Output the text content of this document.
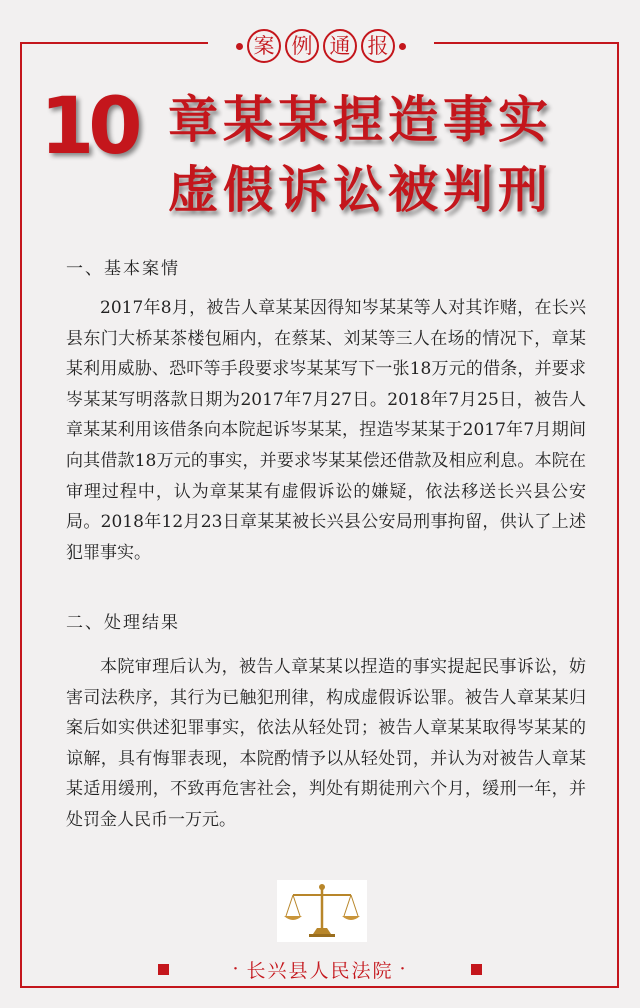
案 例 通 报
10 章某某捏造事实
虚假诉讼被判刑
一、基本案情

2017年8月，被告人章某某因得知岑某某等人对其诈赌，在长兴县东门大桥某茶楼包厢内，在蔡某、刘某等三人在场的情况下，章某某利用威胁、恐吓等手段要求岑某某写下一张18万元的借条，并要求岑某某写明落款日期为2017年7月27日。2018年7月25日，被告人章某某利用该借条向本院起诉岑某某，捏造岑某某于2017年7月期间向其借款18万元的事实，并要求岑某某偿还借款及相应利息。本院在审理过程中，认为章某某有虚假诉讼的嫌疑，依法移送长兴县公安局。2018年12月23日章某某被长兴县公安局刑事拘留，供认了上述犯罪事实。

二、处理结果

本院审理后认为，被告人章某某以捏造的事实提起民事诉讼，妨害司法秩序，其行为已触犯刑律，构成虚假诉讼罪。被告人章某某归案后如实供述犯罪事实，依法从轻处罚；被告人章某某取得岑某某的谅解，具有悔罪表现，本院酌情予以从轻处罚，并认为对被告人章某某适用缓刑，不致再危害社会，判处有期徒刑六个月，缓刑一年，并处罚金人民币一万元。

· 长兴县人民法院 ·
